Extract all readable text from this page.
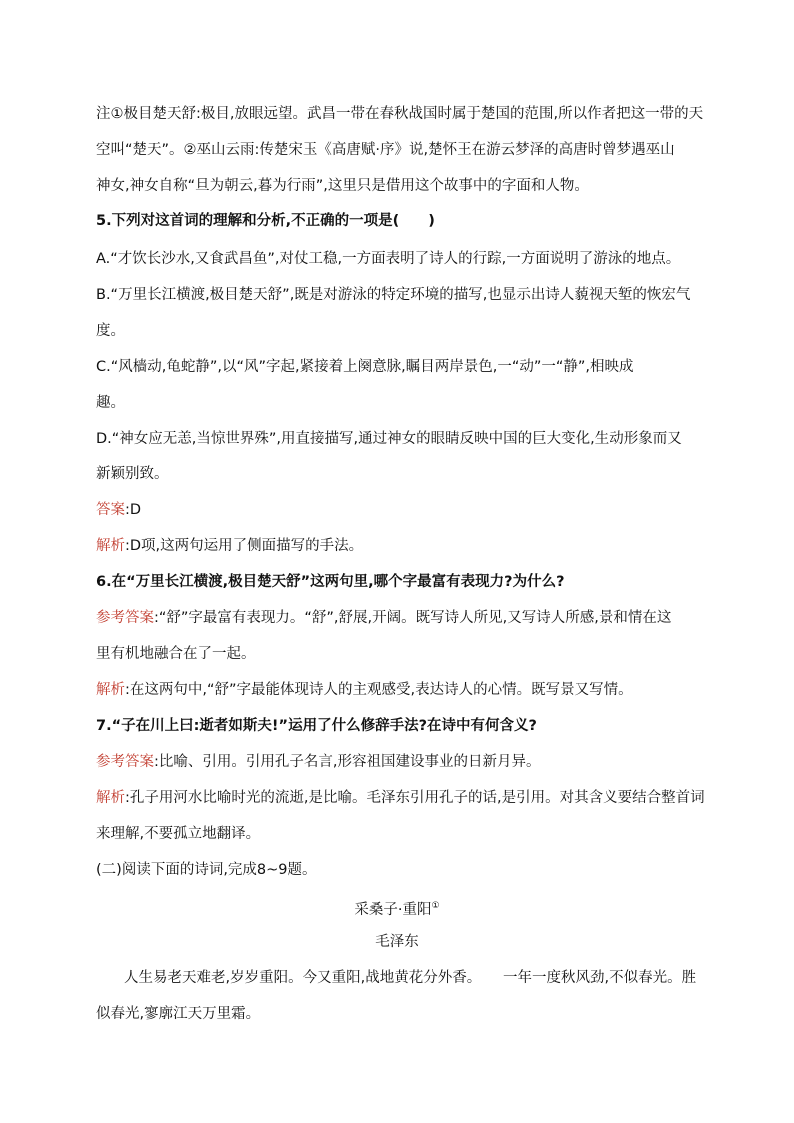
注①极目楚天舒:极目,放眼远望。武昌一带在春秋战国时属于楚国的范围,所以作者把这一带的天
空叫“楚天”。②巫山云雨:传楚宋玉《高唐赋·序》说,楚怀王在游云梦泽的高唐时曾梦遇巫山
神女,神女自称“旦为朝云,暮为行雨”,这里只是借用这个故事中的字面和人物。
5.下列对这首词的理解和分析,不正确的一项是(　　)
A.“才饮长沙水,又食武昌鱼”,对仗工稳,一方面表明了诗人的行踪,一方面说明了游泳的地点。
B.“万里长江横渡,极目楚天舒”,既是对游泳的特定环境的描写,也显示出诗人藐视天堑的恢宏气
度。
C.“风樯动,龟蛇静”,以“风”字起,紧接着上阕意脉,瞩目两岸景色,一“动”一“静”,相映成
趣。
D.“神女应无恙,当惊世界殊”,用直接描写,通过神女的眼睛反映中国的巨大变化,生动形象而又
新颖别致。
答案:D
解析:D项,这两句运用了侧面描写的手法。
6.在“万里长江横渡,极目楚天舒”这两句里,哪个字最富有表现力?为什么?
参考答案:“舒”字最富有表现力。“舒”,舒展,开阔。既写诗人所见,又写诗人所感,景和情在这
里有机地融合在了一起。
解析:在这两句中,“舒”字最能体现诗人的主观感受,表达诗人的心情。既写景又写情。
7.“子在川上曰:逝者如斯夫!”运用了什么修辞手法?在诗中有何含义?
参考答案:比喻、引用。引用孔子名言,形容祖国建设事业的日新月异。
解析:孔子用河水比喻时光的流逝,是比喻。毛泽东引用孔子的话,是引用。对其含义要结合整首词
来理解,不要孤立地翻译。
(二)阅读下面的诗词,完成8~9题。
采桑子·重阳①
毛泽东
人生易老天难老,岁岁重阳。今又重阳,战地黄花分外香。　　一年一度秋风劲,不似春光。胜
似春光,寥廓江天万里霜。
